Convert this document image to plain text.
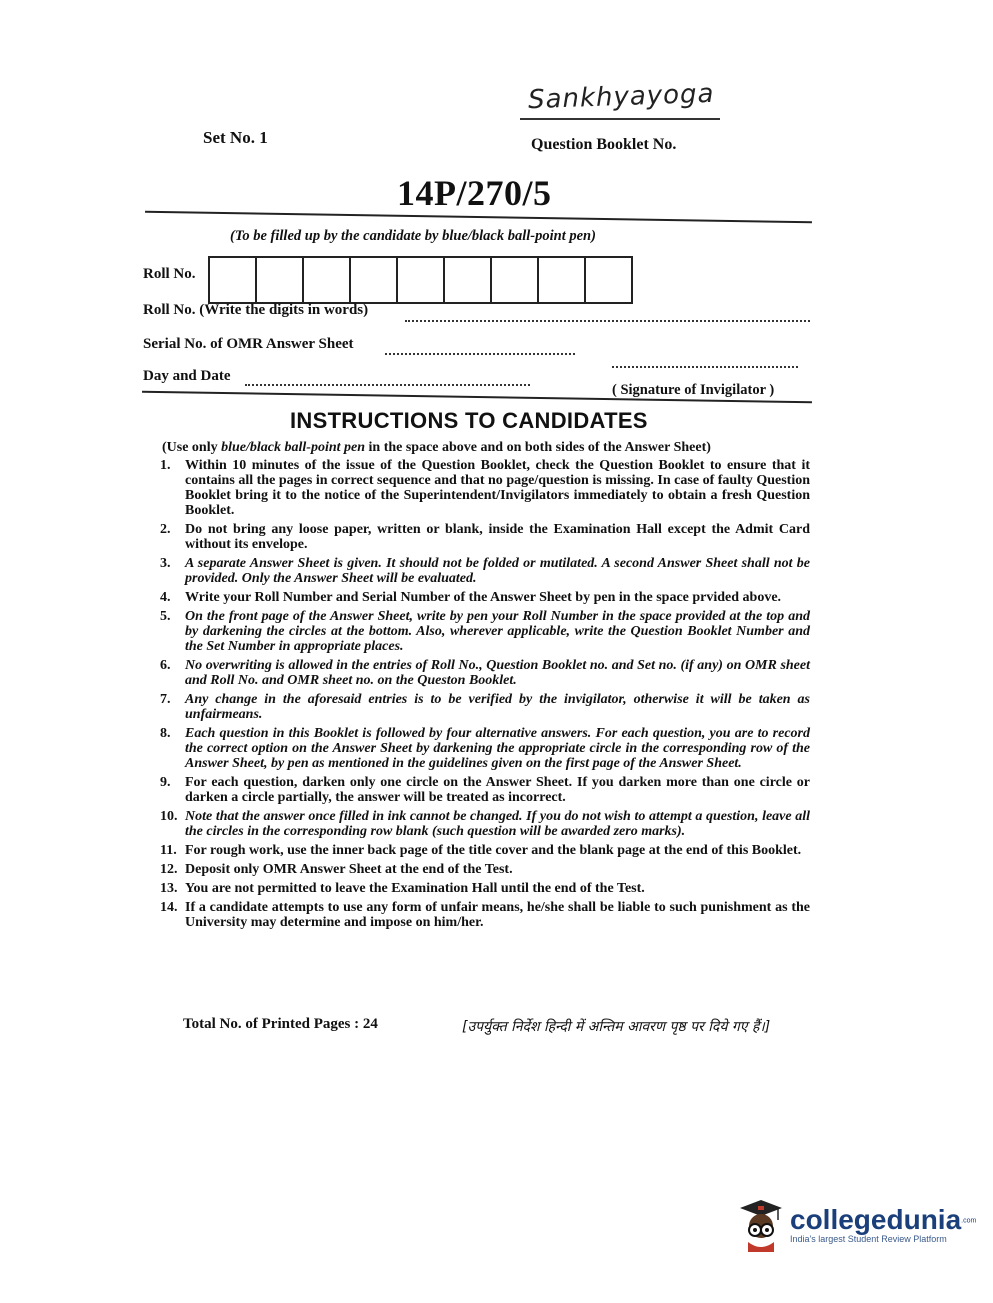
Sankhyayoga
Set No. 1	Question Booklet No.
14P/270/5
(To be filled up by the candidate by blue/black ball-point pen)
Roll No.
Roll No. (Write the digits in words)
Serial No. of OMR Answer Sheet
Day and Date
( Signature of Invigilator )
INSTRUCTIONS TO CANDIDATES
(Use only blue/black ball-point pen in the space above and on both sides of the Answer Sheet)
1. Within 10 minutes of the issue of the Question Booklet, check the Question Booklet to ensure that it contains all the pages in correct sequence and that no page/question is missing. In case of faulty Question Booklet bring it to the notice of the Superintendent/Invigilators immediately to obtain a fresh Question Booklet.
2. Do not bring any loose paper, written or blank, inside the Examination Hall except the Admit Card without its envelope.
3. A separate Answer Sheet is given. It should not be folded or mutilated. A second Answer Sheet shall not be provided. Only the Answer Sheet will be evaluated.
4. Write your Roll Number and Serial Number of the Answer Sheet by pen in the space prvided above.
5. On the front page of the Answer Sheet, write by pen your Roll Number in the space provided at the top and by darkening the circles at the bottom. Also, wherever applicable, write the Question Booklet Number and the Set Number in appropriate places.
6. No overwriting is allowed in the entries of Roll No., Question Booklet no. and Set no. (if any) on OMR sheet and Roll No. and OMR sheet no. on the Queston Booklet.
7. Any change in the aforesaid entries is to be verified by the invigilator, otherwise it will be taken as unfairmeans.
8. Each question in this Booklet is followed by four alternative answers. For each question, you are to record the correct option on the Answer Sheet by darkening the appropriate circle in the corresponding row of the Answer Sheet, by pen as mentioned in the guidelines given on the first page of the Answer Sheet.
9. For each question, darken only one circle on the Answer Sheet. If you darken more than one circle or darken a circle partially, the answer will be treated as incorrect.
10. Note that the answer once filled in ink cannot be changed. If you do not wish to attempt a question, leave all the circles in the corresponding row blank (such question will be awarded zero marks).
11. For rough work, use the inner back page of the title cover and the blank page at the end of this Booklet.
12. Deposit only OMR Answer Sheet at the end of the Test.
13. You are not permitted to leave the Examination Hall until the end of the Test.
14. If a candidate attempts to use any form of unfair means, he/she shall be liable to such punishment as the University may determine and impose on him/her.
Total No. of Printed Pages : 24	[उपर्युक्त निर्देश हिन्दी में अन्तिम आवरण पृष्ठ पर दिये गए हैं।]
collegedunia$^{.com}$
India's largest Student Review Platform
